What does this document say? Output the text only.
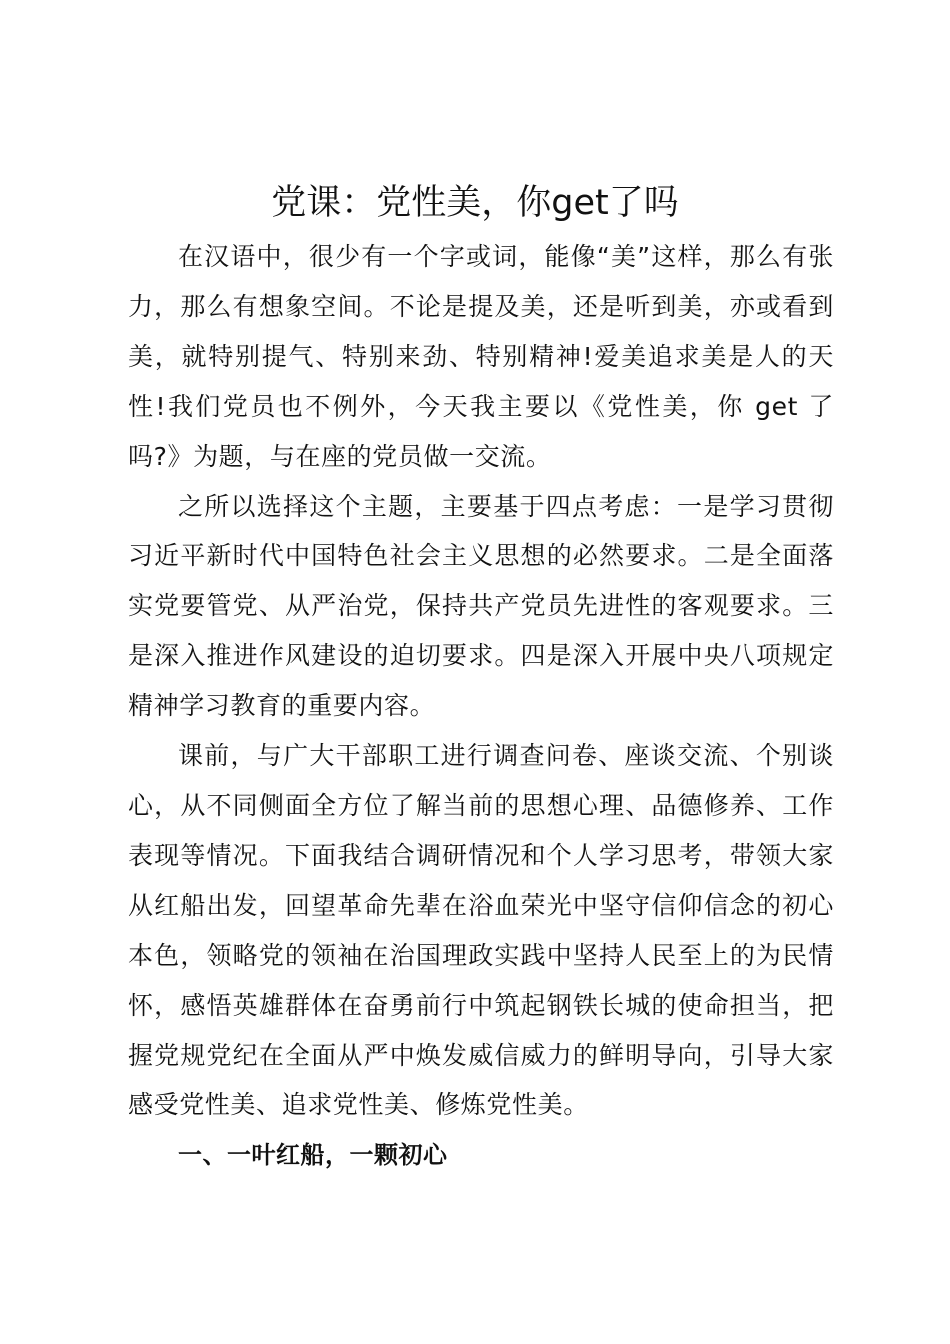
党课：党性美，你get了吗

在汉语中，很少有一个字或词，能像“美”这样，那么有张力，那么有想象空间。不论是提及美，还是听到美，亦或看到美，就特别提气、特别来劲、特别精神!爱美追求美是人的天性!我们党员也不例外，今天我主要以《党性美，你 get 了吗?》为题，与在座的党员做一交流。

之所以选择这个主题，主要基于四点考虑：一是学习贯彻习近平新时代中国特色社会主义思想的必然要求。二是全面落实党要管党、从严治党，保持共产党员先进性的客观要求。三是深入推进作风建设的迫切要求。四是深入开展中央八项规定精神学习教育的重要内容。

课前，与广大干部职工进行调查问卷、座谈交流、个别谈心，从不同侧面全方位了解当前的思想心理、品德修养、工作表现等情况。下面我结合调研情况和个人学习思考，带领大家从红船出发，回望革命先辈在浴血荣光中坚守信仰信念的初心本色，领略党的领袖在治国理政实践中坚持人民至上的为民情怀，感悟英雄群体在奋勇前行中筑起钢铁长城的使命担当，把握党规党纪在全面从严中焕发威信威力的鲜明导向，引导大家感受党性美、追求党性美、修炼党性美。

一、一叶红船，一颗初心
